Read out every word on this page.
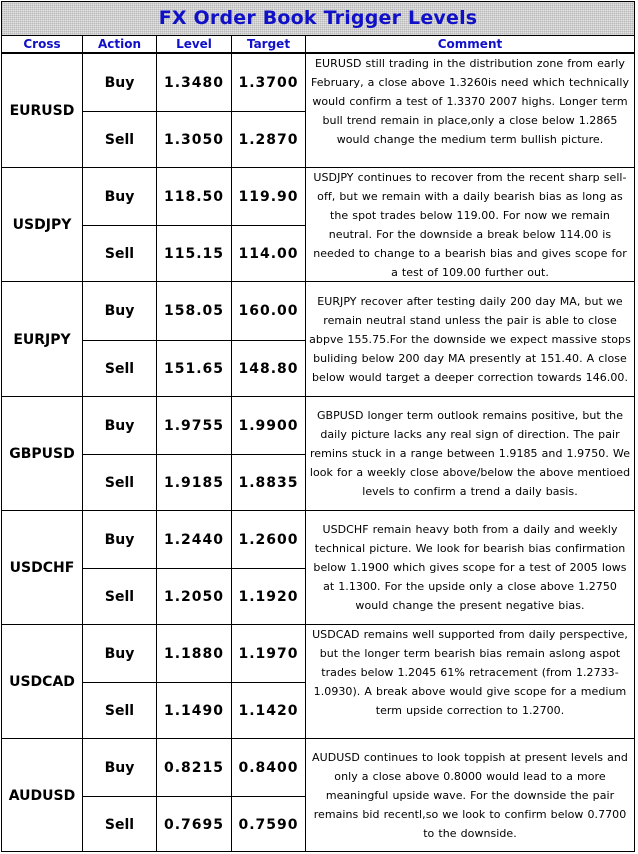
FX Order Book Trigger Levels
Cross	Action	Level	Target	Comment
EURUSD
Buy	1.3480	1.3700
Sell	1.3050	1.2870
EURUSD still trading in the distribution zone from early February, a close above 1.3260is need which technically would confirm a test of 1.3370 2007 highs. Longer term bull trend remain in place,only a close below 1.2865 would change the medium term bullish picture.
USDJPY
Buy	118.50	119.90
Sell	115.15	114.00
USDJPY continues to recover from the recent sharp sell-off, but we remain with a daily bearish bias as long as the spot trades below 119.00. For now we remain neutral. For the downside a break below 114.00 is needed to change to a bearish bias and gives scope for a test of 109.00 further out.
EURJPY
Buy	158.05	160.00
Sell	151.65	148.80
EURJPY recover after testing daily 200 day MA, but we remain neutral stand unless the pair is able to close abpve 155.75.For the downside we expect massive stops buliding below 200 day MA presently at 151.40. A close below would target a deeper correction towards 146.00.
GBPUSD
Buy	1.9755	1.9900
Sell	1.9185	1.8835
GBPUSD longer term outlook remains positive, but the daily picture lacks any real sign of direction. The pair remins stuck in a range between 1.9185 and 1.9750. We look for a weekly close above/below the above mentioed levels to confirm a trend a daily basis.
USDCHF
Buy	1.2440	1.2600
Sell	1.2050	1.1920
USDCHF remain heavy both from a daily and weekly technical picture. We look for bearish bias confirmation below 1.1900 which gives scope for a test of 2005 lows at 1.1300. For the upside only a close above 1.2750 would change the present negative bias.
USDCAD
Buy	1.1880	1.1970
Sell	1.1490	1.1420
USDCAD remains well supported from daily perspective, but the longer term bearish bias remain aslong aspot trades below 1.2045 61% retracement (from 1.2733-1.0930). A break above would give scope for a medium term upside correction to 1.2700.
AUDUSD
Buy	0.8215	0.8400
Sell	0.7695	0.7590
AUDUSD continues to look toppish at present levels and only a close above 0.8000 would lead to a more meaningful upside wave. For the downside the pair remains bid recentl,so we look to confirm below 0.7700 to the downside.
